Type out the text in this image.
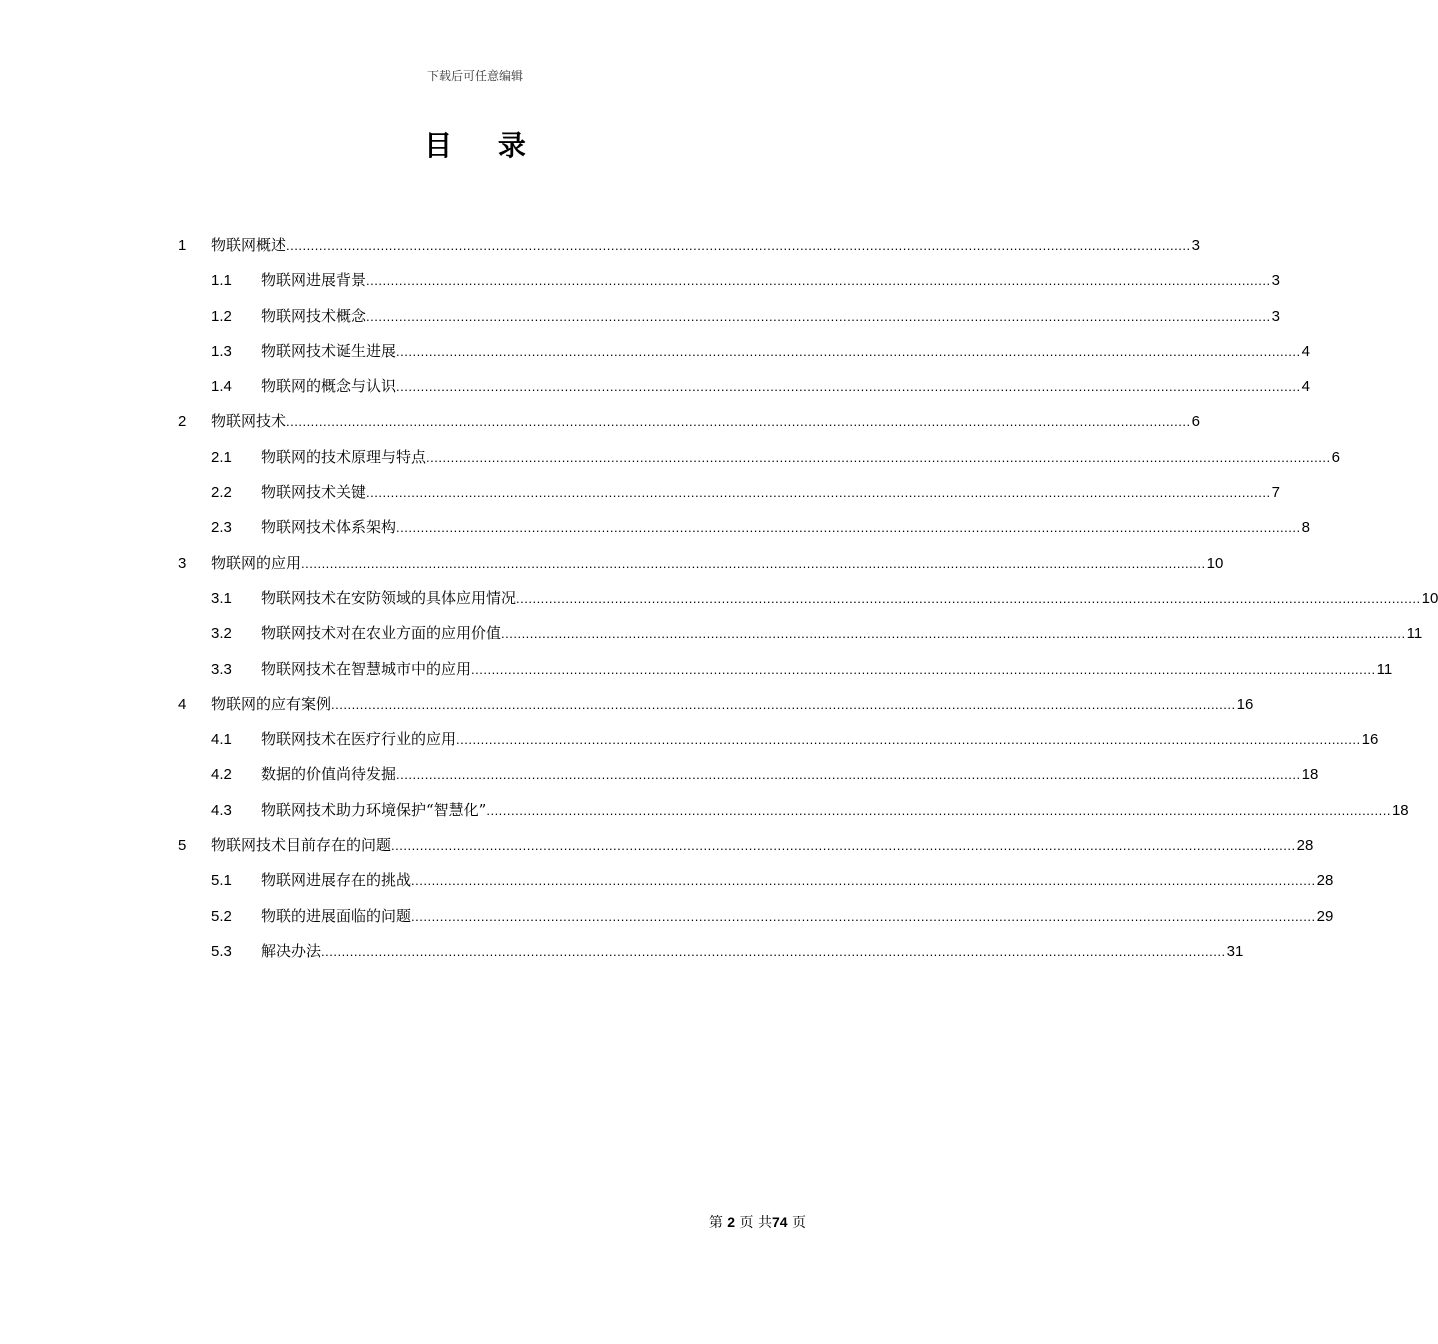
下载后可任意编辑
目 录
1	物联网概述 ............................................................................................................................................................................................................................ 3
1.1	物联网进展背景 ............................................................................................................................................................................................................................ 3
1.2	物联网技术概念 ............................................................................................................................................................................................................................ 3
1.3	物联网技术诞生进展 ............................................................................................................................................................................................................................ 4
1.4	物联网的概念与认识 ............................................................................................................................................................................................................................ 4
2	物联网技术 ............................................................................................................................................................................................................................ 6
2.1	物联网的技术原理与特点 ............................................................................................................................................................................................................................ 6
2.2	物联网技术关键 ............................................................................................................................................................................................................................ 7
2.3	物联网技术体系架构 ............................................................................................................................................................................................................................ 8
3	物联网的应用 ............................................................................................................................................................................................................................ 10
3.1	物联网技术在安防领域的具体应用情况 ............................................................................................................................................................................................................................ 10
3.2	物联网技术对在农业方面的应用价值 ............................................................................................................................................................................................................................ 11
3.3	物联网技术在智慧城市中的应用 ............................................................................................................................................................................................................................ 11
4	物联网的应有案例 ............................................................................................................................................................................................................................ 16
4.1	物联网技术在医疗行业的应用 ............................................................................................................................................................................................................................ 16
4.2	数据的价值尚待发掘 ............................................................................................................................................................................................................................ 18
4.3	物联网技术助力环境保护“智慧化” ............................................................................................................................................................................................................................ 18
5	物联网技术目前存在的问题 ............................................................................................................................................................................................................................ 28
5.1	物联网进展存在的挑战 ............................................................................................................................................................................................................................ 28
5.2	物联的进展面临的问题 ............................................................................................................................................................................................................................ 29
5.3	解决办法 ............................................................................................................................................................................................................................ 31
第 2 页 共74 页
